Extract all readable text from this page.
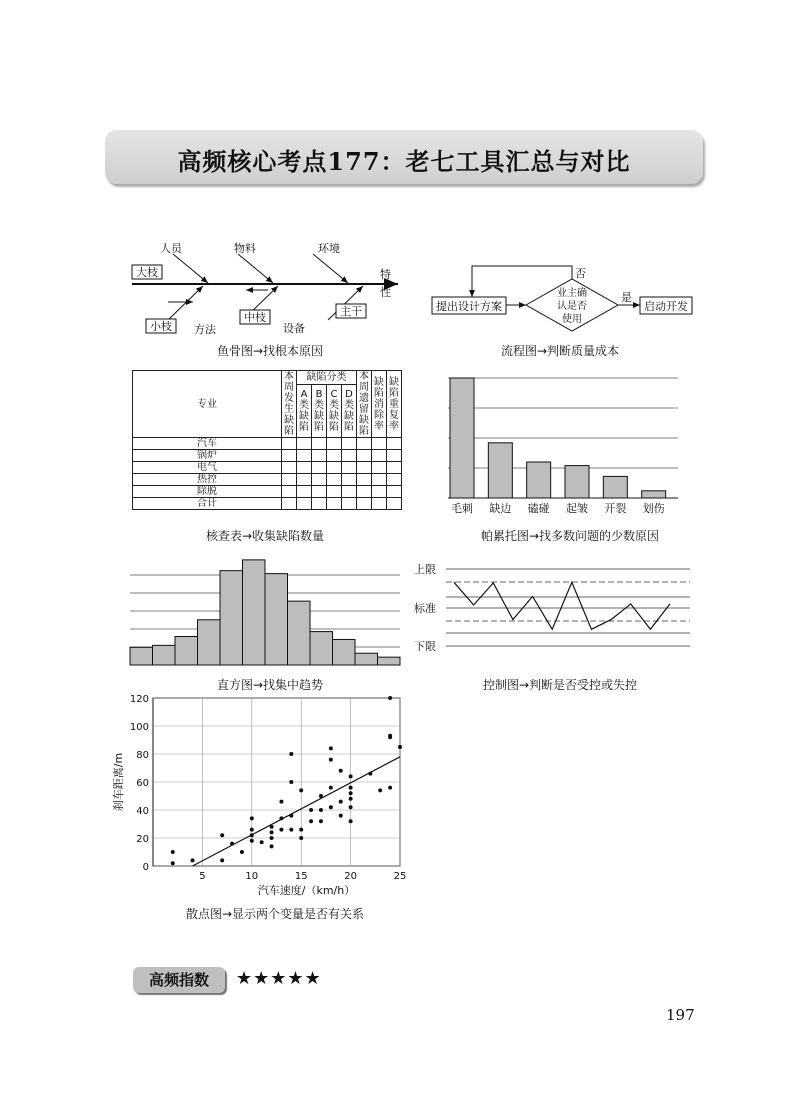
高频核心考点177：老七工具汇总与对比
人员	物料	环境
大枝	特
性
小枝 方法
中枝
设备
主干
鱼骨图→找根本原因
提出设计方案
业主确
认是否
使用
否
是
启动开发
流程图→判断质量成本
专业	本周发生缺陷	缺陷分类				本周遗留缺陷	缺陷消除率	缺陷重复率
		A类缺陷	B类缺陷	C类缺陷	D类缺陷			
汽车								
锅炉								
电气								
热控								
除脱								
合计								
核查表→收集缺陷数量
毛刺 缺边 磕碰 起皱 开裂 划伤
帕累托图→找多数问题的少数原因
直方图→找集中趋势
上限
标准
下限
控制图→判断是否受控或失控
0
20
40
60
80
100
120
5	10	15	20	25
汽车速度/（km/h）
刹车距离/m
散点图→显示两个变量是否有关系
高频指数	★★★★★
197
